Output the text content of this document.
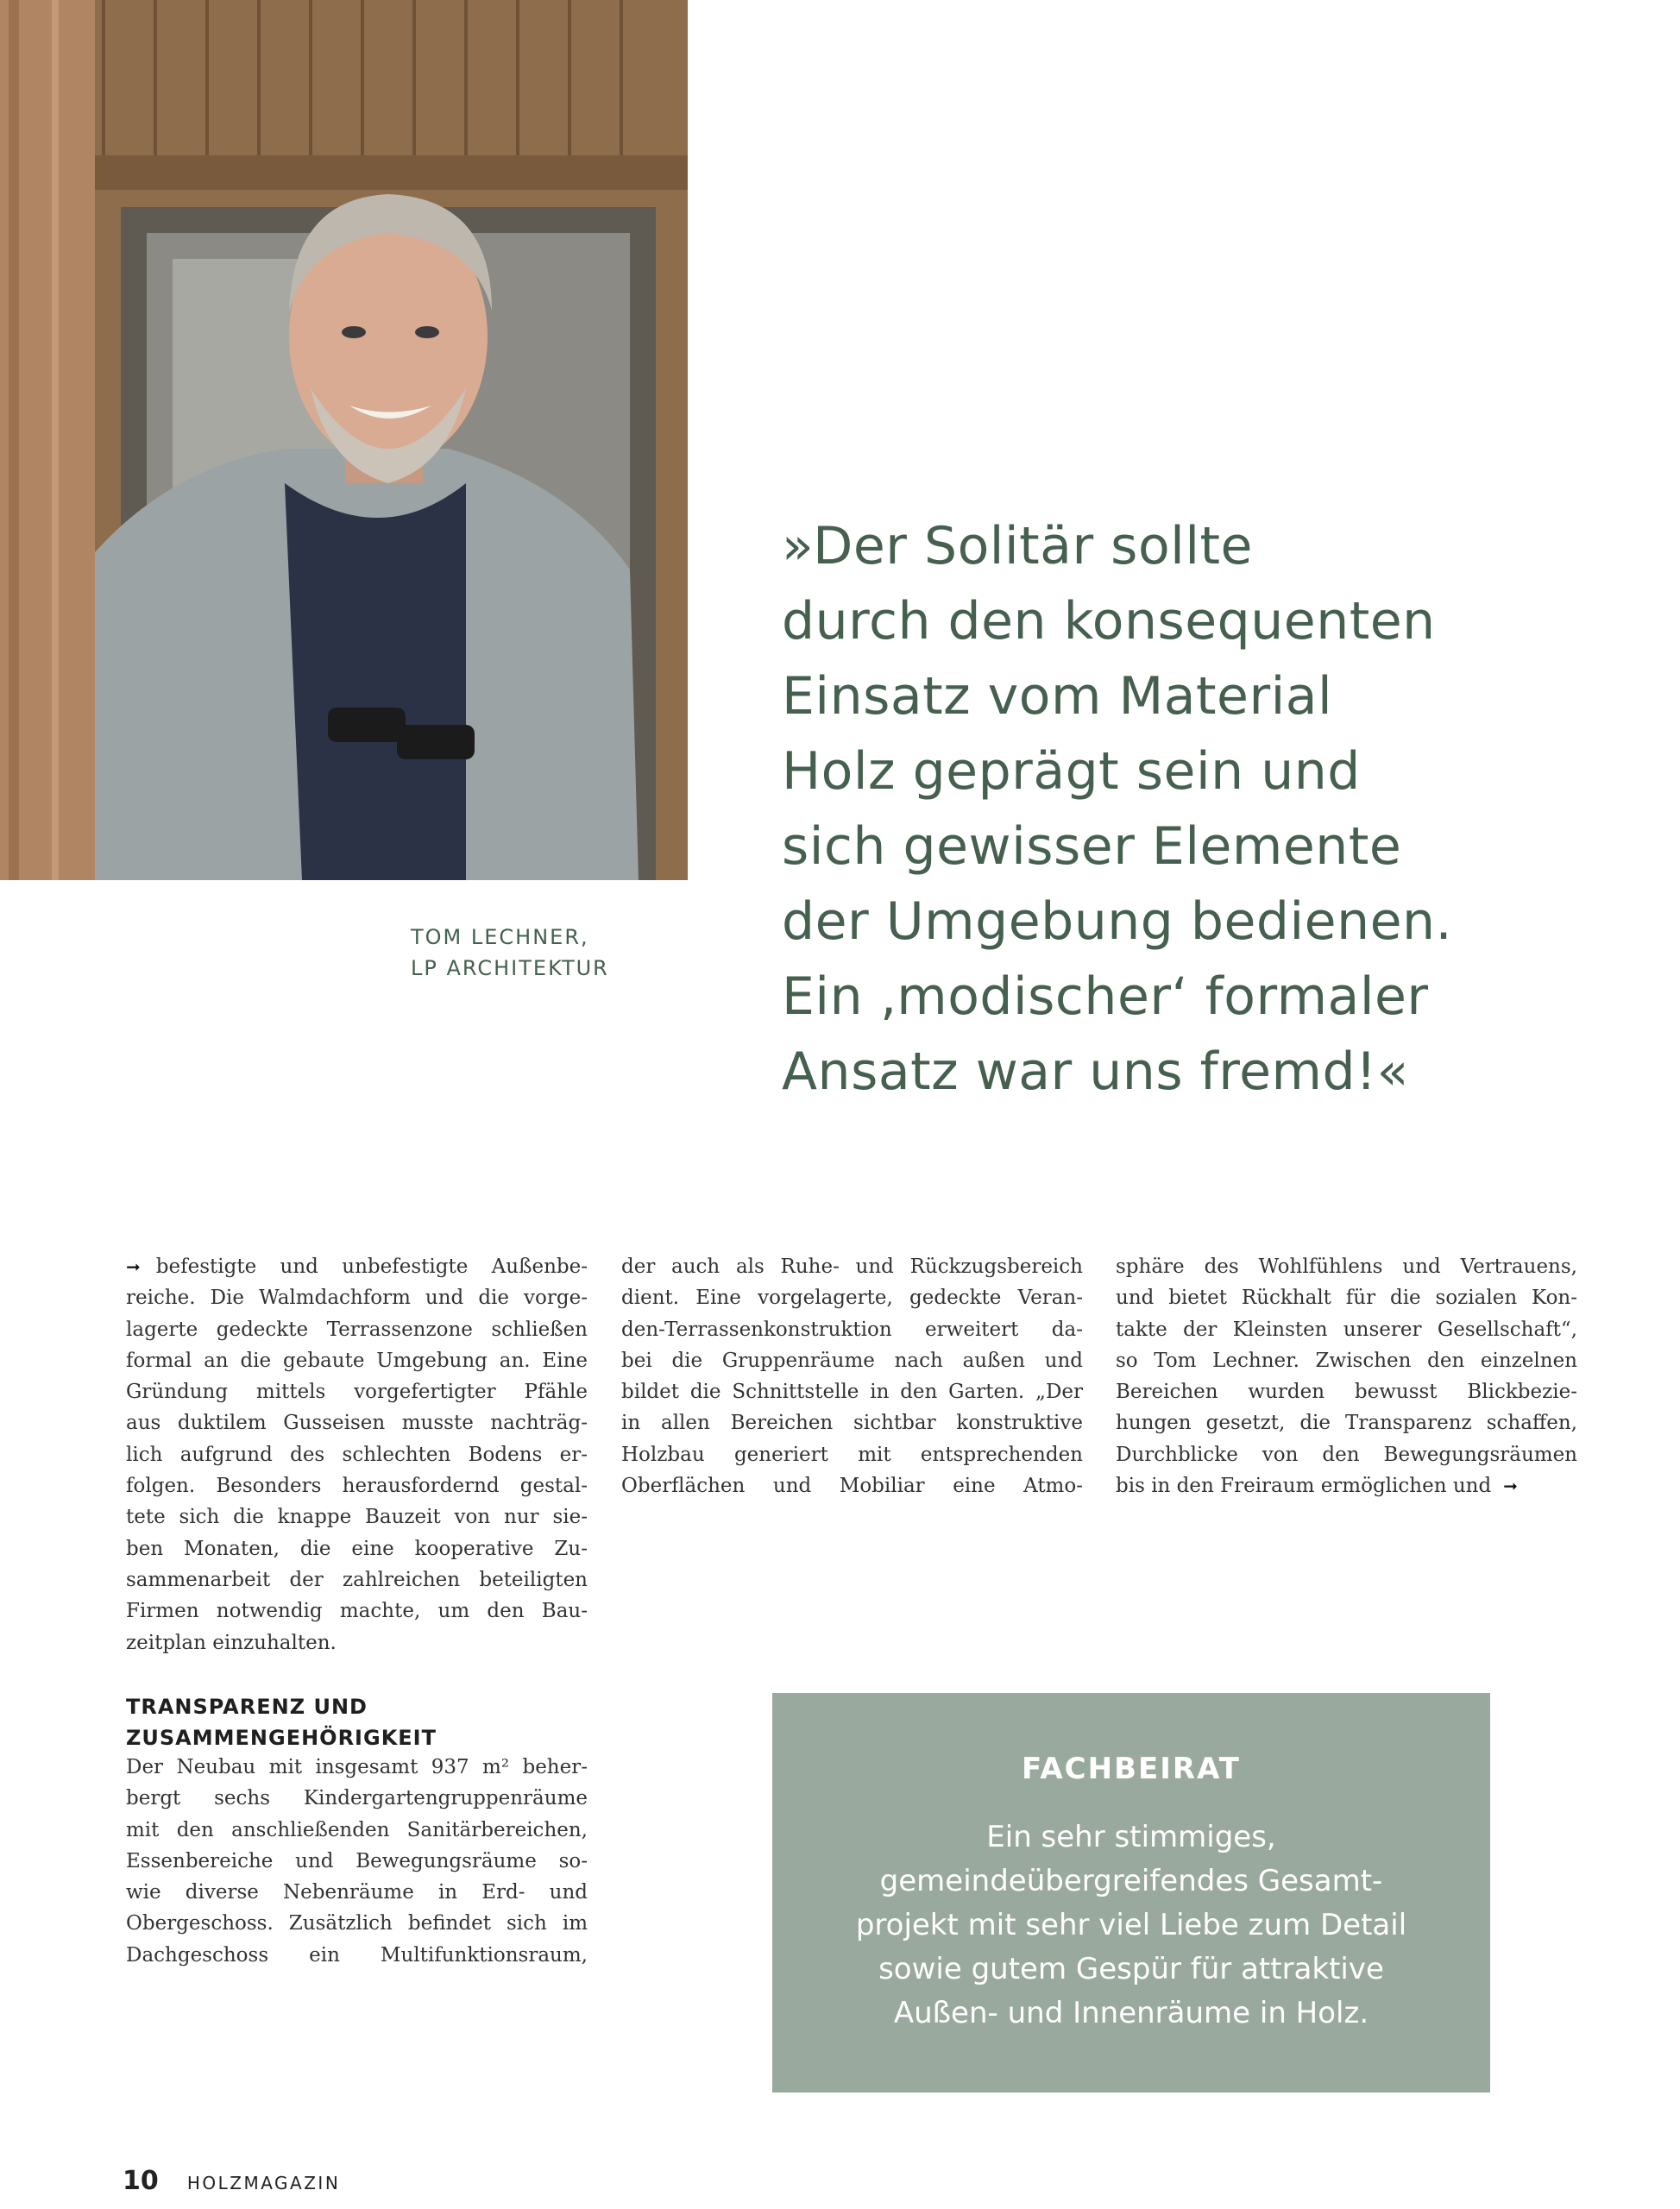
TOM LECHNER,
LP ARCHITEKTUR
»Der Solitär sollte
durch den konsequenten
Einsatz vom Material
Holz geprägt sein und
sich gewisser Elemente
der Umgebung bedienen.
Ein ‚modischer‘ formaler
Ansatz war uns fremd!«
➞ befestigte und unbefestigte Außenbe-
reiche. Die Walmdachform und die vorge-
lagerte gedeckte Terrassenzone schließen
formal an die gebaute Umgebung an. Eine
Gründung mittels vorgefertigter Pfähle
aus duktilem Gusseisen musste nachträg-
lich aufgrund des schlechten Bodens er-
folgen. Besonders herausfordernd gestal-
tete sich die knappe Bauzeit von nur sie-
ben Monaten, die eine kooperative Zu-
sammenarbeit der zahlreichen beteiligten
Firmen notwendig machte, um den Bau-
zeitplan einzuhalten.
der auch als Ruhe- und Rückzugsbereich
dient. Eine vorgelagerte, gedeckte Veran-
den-Terrassenkonstruktion erweitert da-
bei die Gruppenräume nach außen und
bildet die Schnittstelle in den Garten. „Der
in allen Bereichen sichtbar konstruktive
Holzbau generiert mit entsprechenden
Oberflächen und Mobiliar eine Atmo-
sphäre des Wohlfühlens und Vertrauens,
und bietet Rückhalt für die sozialen Kon-
takte der Kleinsten unserer Gesellschaft“,
so Tom Lechner. Zwischen den einzelnen
Bereichen wurden bewusst Blickbezie-
hungen gesetzt, die Transparenz schaffen,
Durchblicke von den Bewegungsräumen
bis in den Freiraum ermöglichen und ➞
TRANSPARENZ UND
ZUSAMMENGEHÖRIGKEIT
Der Neubau mit insgesamt 937 m² beher-
bergt sechs Kindergartengruppenräume
mit den anschließenden Sanitärbereichen,
Essenbereiche und Bewegungsräume so-
wie diverse Nebenräume in Erd- und
Obergeschoss. Zusätzlich befindet sich im
Dachgeschoss ein Multifunktionsraum,
FACHBEIRAT
Ein sehr stimmiges,
gemeindeübergreifendes Gesamt-
projekt mit sehr viel Liebe zum Detail
sowie gutem Gespür für attraktive
Außen- und Innenräume in Holz.
10 HOLZMAGAZIN
